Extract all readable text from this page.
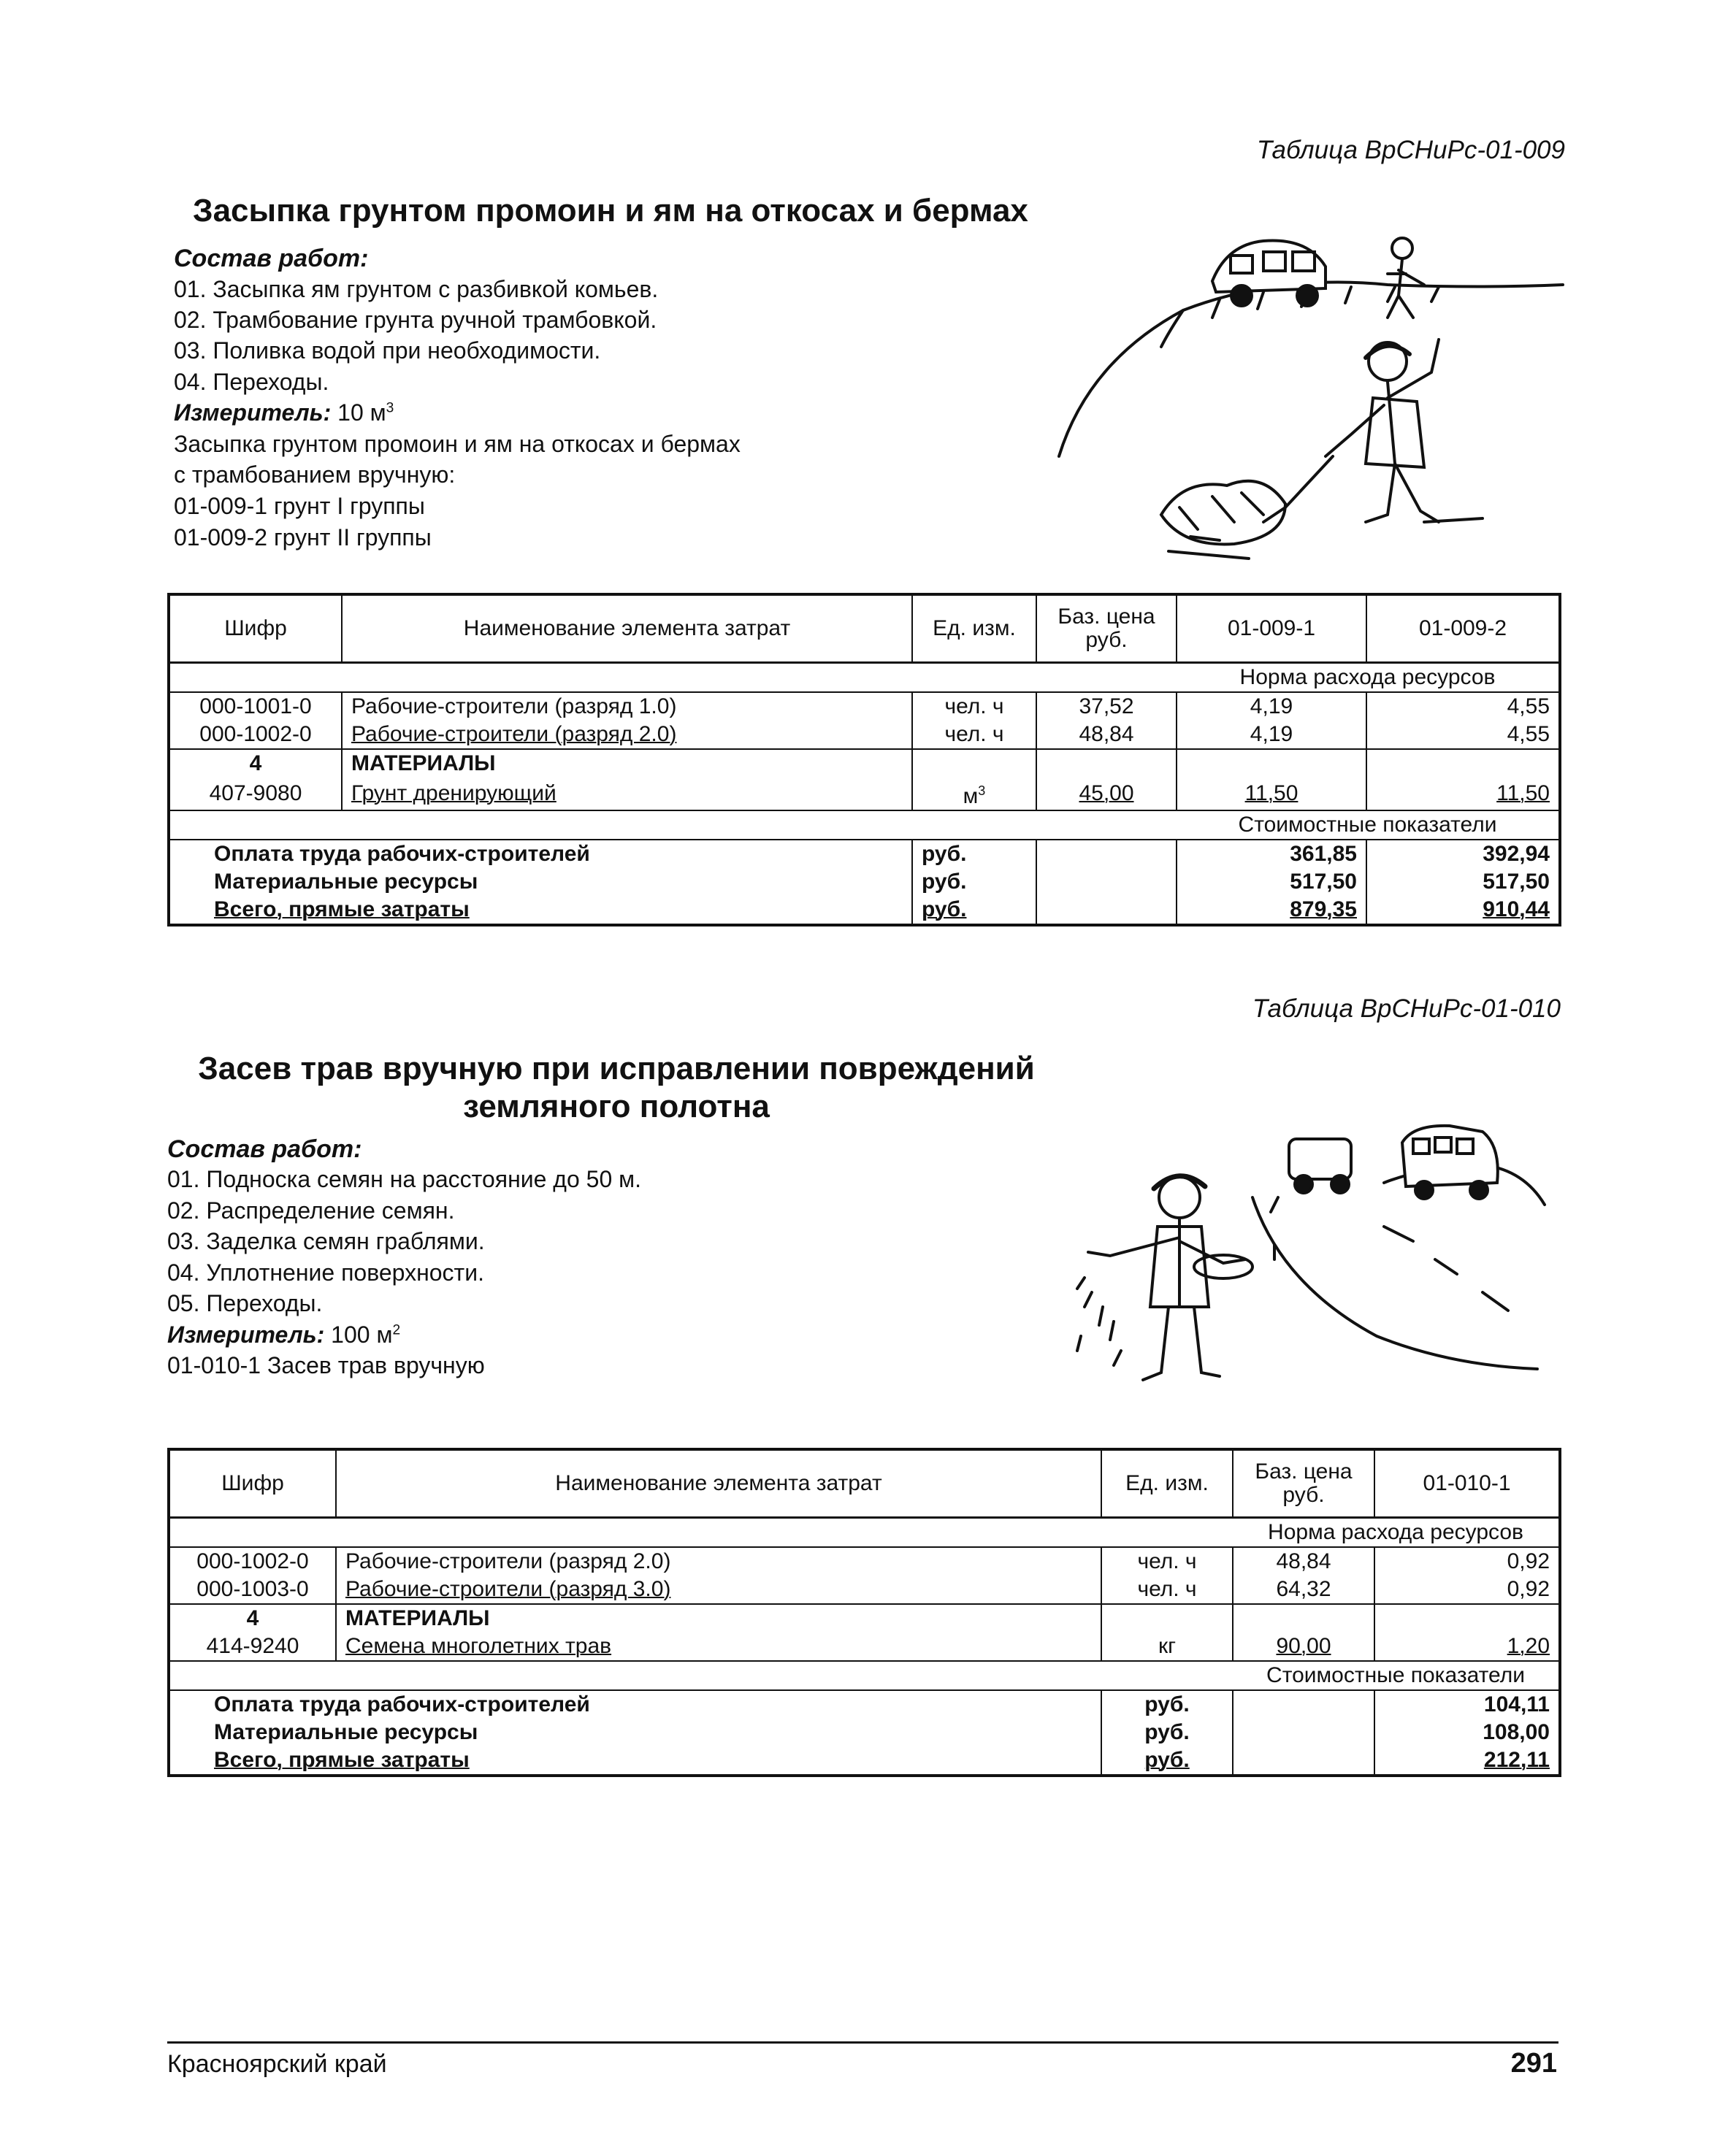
Таблица ВрСНиРс-01-009
Засыпка грунтом промоин и ям на откосах и бермах
Состав работ:
01. Засыпка ям грунтом с разбивкой комьев.
02. Трамбование грунта ручной трамбовкой.
03. Поливка водой при необходимости.
04. Переходы.
Измеритель: 10 $м^3$
Засыпка грунтом промоин и ям на откосах и бермах
с трамбованием вручную:
01-009-1 грунт I группы
01-009-2 грунт II группы
Шифр	Наименование элемента затрат	Ед. изм.	Баз. цена руб.	01-009-1	01-009-2
				Норма расхода ресурсов	
000-1001-0	Рабочие-строители (разряд 1.0)	чел. ч	37,52	4,19	4,55
000-1002-0	Рабочие-строители (разряд 2.0)	чел. ч	48,84	4,19	4,55
4	МАТЕРИАЛЫ				
407-9080	Грунт дренирующий	$м^3$	45,00	11,50	11,50
				Стоимостные показатели	
Оплата труда рабочих-строителей		руб.		361,85	392,94
Материальные ресурсы		руб.		517,50	517,50
Всего, прямые затраты		руб.		879,35	910,44
Таблица ВрСНиРс-01-010
Засев трав вручную при исправлении повреждений
земляного полотна
Состав работ:
01. Подноска семян на расстояние до 50 м.
02. Распределение семян.
03. Заделка семян граблями.
04. Уплотнение поверхности.
05. Переходы.
Измеритель: 100 $м^2$
01-010-1 Засев трав вручную
Шифр	Наименование элемента затрат	Ед. изм.	Баз. цена руб.	01-010-1
			Норма расхода ресурсов	
000-1002-0	Рабочие-строители (разряд 2.0)	чел. ч	48,84	0,92
000-1003-0	Рабочие-строители (разряд 3.0)	чел. ч	64,32	0,92
4	МАТЕРИАЛЫ			
414-9240	Семена многолетних трав	кг	90,00	1,20
			Стоимостные показатели	
Оплата труда рабочих-строителей		руб.		104,11
Материальные ресурсы		руб.		108,00
Всего, прямые затраты		руб.		212,11
Красноярский край	291
